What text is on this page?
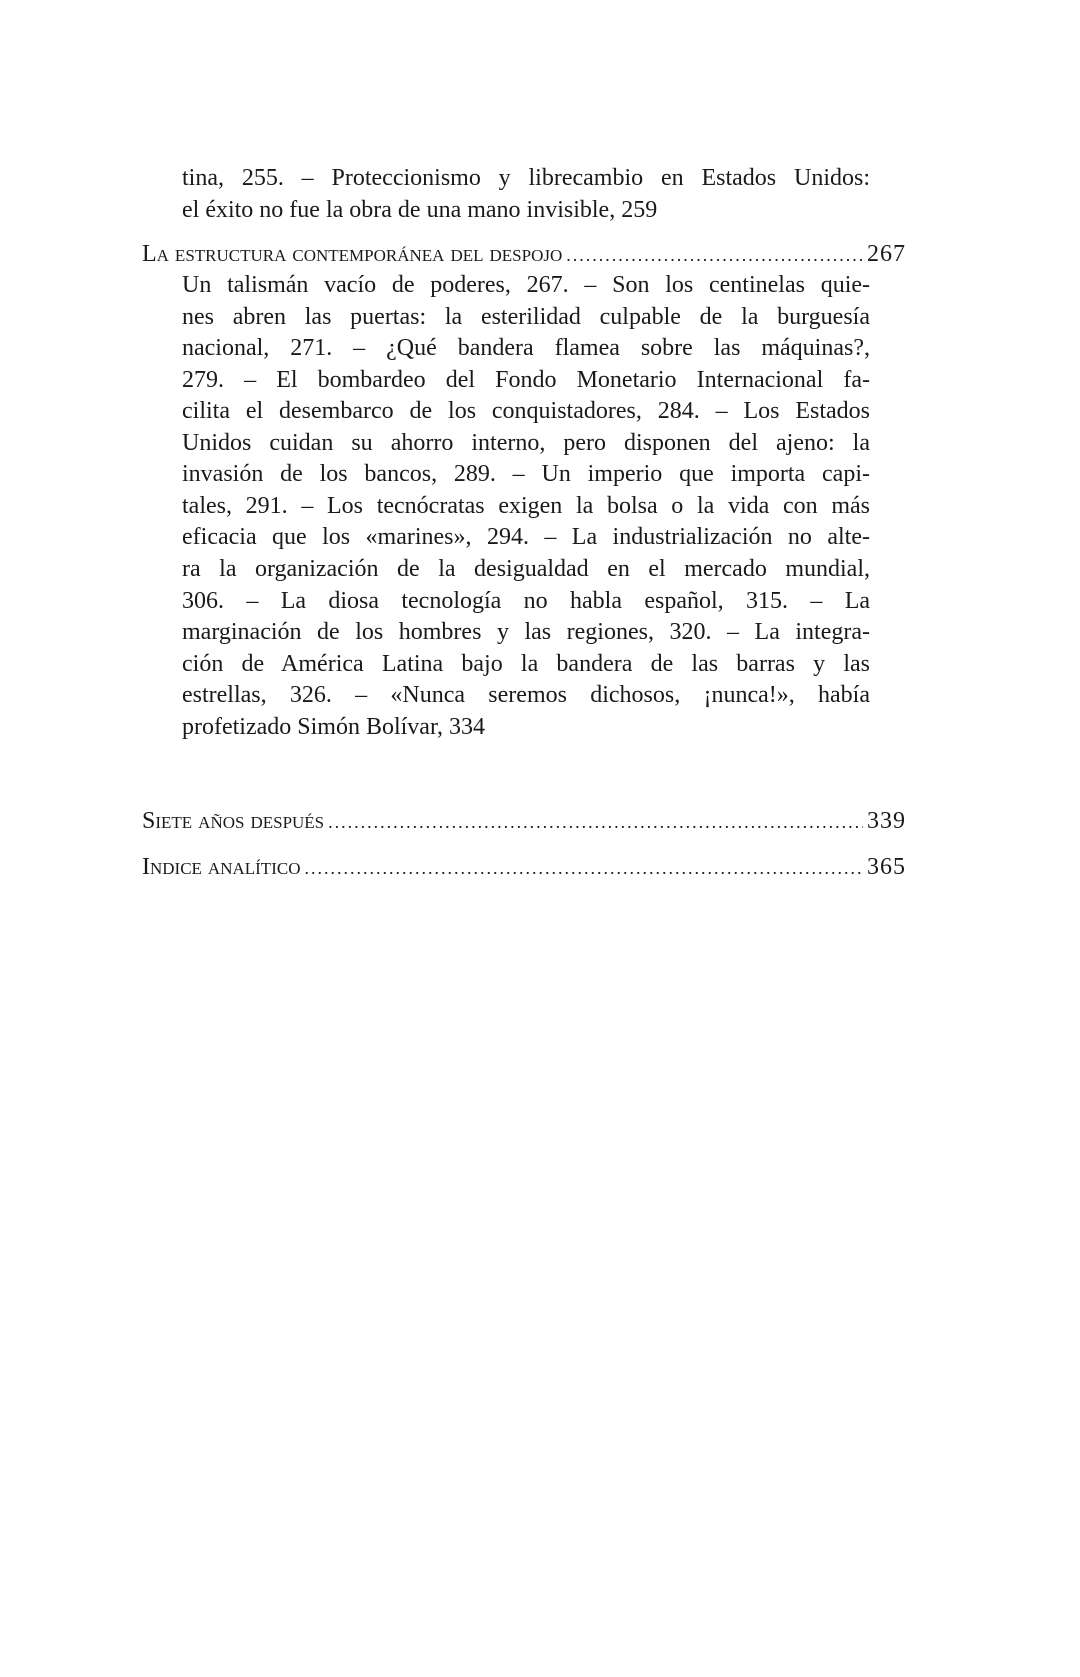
tina, 255. – Proteccionismo y librecambio en Estados Unidos:
el éxito no fue la obra de una mano invisible, 259
La estructura contemporánea del despojo .....	267
Un talismán vacío de poderes, 267. – Son los centinelas quie-
nes abren las puertas: la esterilidad culpable de la burguesía
nacional, 271. – ¿Qué bandera flamea sobre las máquinas?,
279. – El bombardeo del Fondo Monetario Internacional fa-
cilita el desembarco de los conquistadores, 284. – Los Estados
Unidos cuidan su ahorro interno, pero disponen del ajeno: la
invasión de los bancos, 289. – Un imperio que importa capi-
tales, 291. – Los tecnócratas exigen la bolsa o la vida con más
eficacia que los «marines», 294. – La industrialización no alte-
ra la organización de la desigualdad en el mercado mundial,
306. – La diosa tecnología no habla español, 315. – La
marginación de los hombres y las regiones, 320. – La integra-
ción de América Latina bajo la bandera de las barras y las
estrellas, 326. – «Nunca seremos dichosos, ¡nunca!», había
profetizado Simón Bolívar, 334
Siete años después .....	339
Indice analítico .....	365
